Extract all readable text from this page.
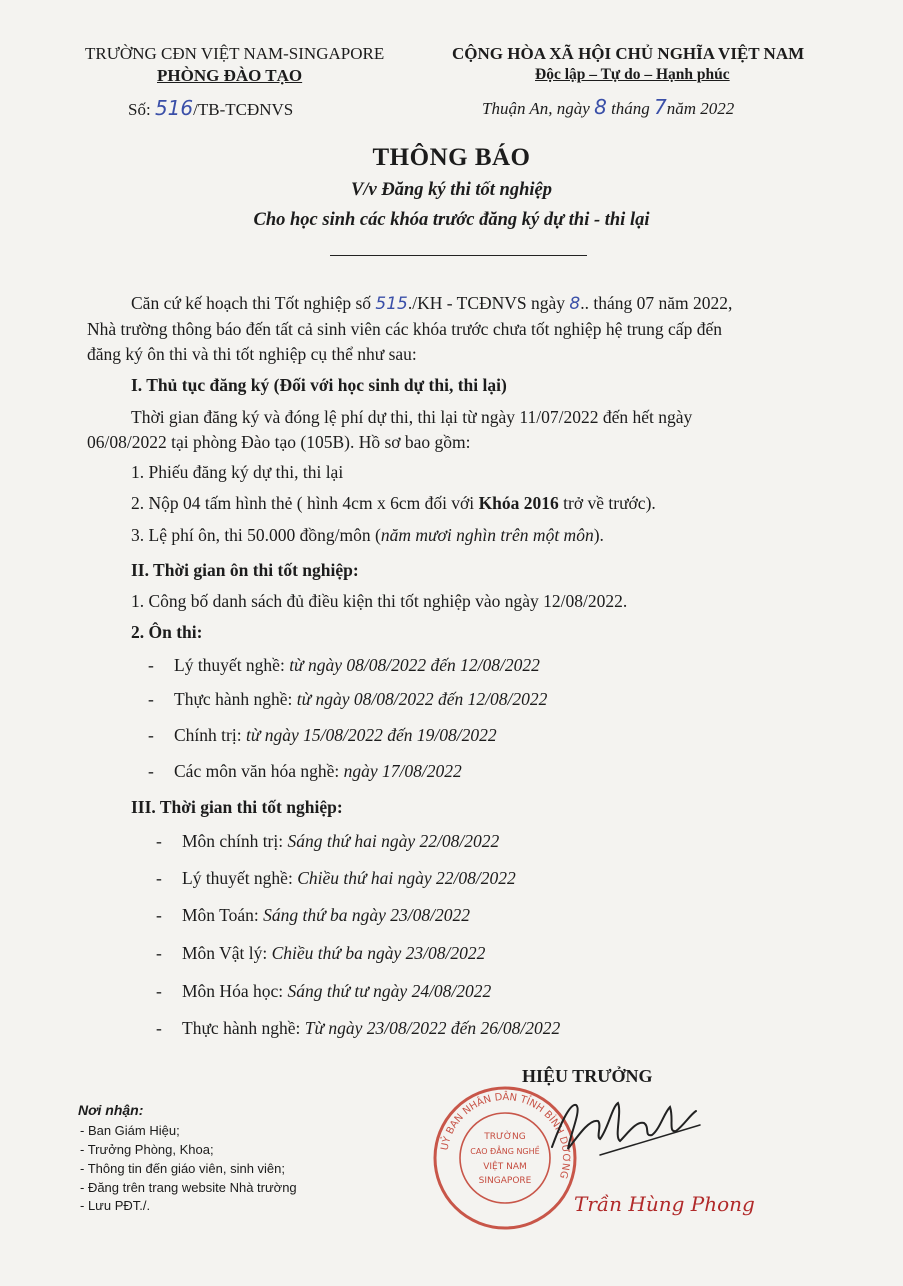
TRƯỜNG CĐN VIỆT NAM-SINGAPORE
PHÒNG ĐÀO TẠO
Số: 516/TB-TCĐNVS
CỘNG HÒA XÃ HỘI CHỦ NGHĨA VIỆT NAM
Độc lập – Tự do – Hạnh phúc
Thuận An, ngày 8 tháng 7năm 2022
THÔNG BÁO
V/v Đăng ký thi tốt nghiệp
Cho học sinh các khóa trước đăng ký dự thi - thi lại
Căn cứ kế hoạch thi Tốt nghiệp số 515./KH - TCĐNVS ngày 8.. tháng 07 năm 2022,
Nhà trường thông báo đến tất cả sinh viên các khóa trước chưa tốt nghiệp hệ trung cấp đến
đăng ký ôn thi và thi tốt nghiệp cụ thể như sau:
I. Thủ tục đăng ký (Đối với học sinh dự thi, thi lại)
Thời gian đăng ký và đóng lệ phí dự thi, thi lại từ ngày 11/07/2022 đến hết ngày
06/08/2022 tại phòng Đào tạo (105B). Hồ sơ bao gồm:
1. Phiếu đăng ký dự thi, thi lại
2. Nộp 04 tấm hình thẻ ( hình 4cm x 6cm đối với Khóa 2016 trở về trước).
3. Lệ phí ôn, thi 50.000 đồng/môn (năm mươi nghìn trên một môn).
II. Thời gian ôn thi tốt nghiệp:
1. Công bố danh sách đủ điều kiện thi tốt nghiệp vào ngày 12/08/2022.
2. Ôn thi:
- Lý thuyết nghề: từ ngày 08/08/2022 đến 12/08/2022
- Thực hành nghề: từ ngày 08/08/2022 đến 12/08/2022
- Chính trị: từ ngày 15/08/2022 đến 19/08/2022
- Các môn văn hóa nghề: ngày 17/08/2022
III. Thời gian thi tốt nghiệp:
- Môn chính trị: Sáng thứ hai ngày 22/08/2022
- Lý thuyết nghề: Chiều thứ hai ngày 22/08/2022
- Môn Toán: Sáng thứ ba ngày 23/08/2022
- Môn Vật lý: Chiều thứ ba ngày 23/08/2022
- Môn Hóa học: Sáng thứ tư ngày 24/08/2022
- Thực hành nghề: Từ ngày 23/08/2022 đến 26/08/2022
HIỆU TRƯỞNG
Nơi nhận:
- Ban Giám Hiệu;
- Trưởng Phòng, Khoa;
- Thông tin đến giáo viên, sinh viên;
- Đăng trên trang website Nhà trường
- Lưu PĐT./.
UỶ BAN NHÂN DÂN TỈNH BÌNH DƯƠNG
TRƯỜNG
CAO ĐẲNG NGHỀ
VIỆT NAM
SINGAPORE
Trần Hùng Phong
